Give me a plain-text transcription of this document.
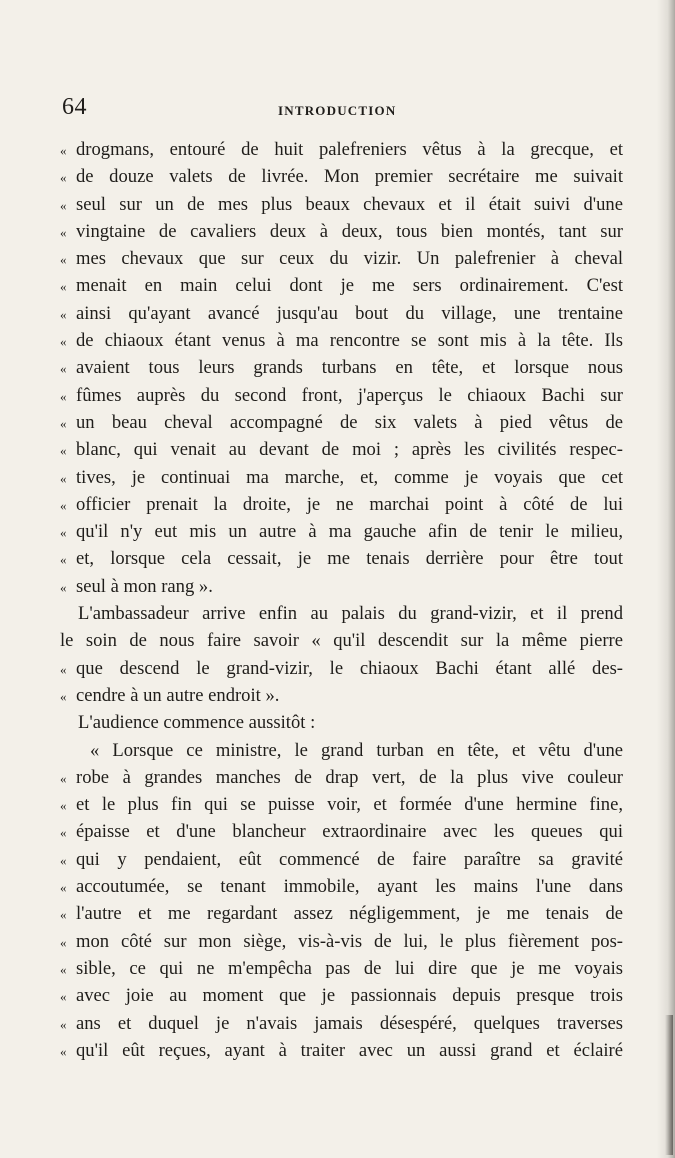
64	INTRODUCTION
« drogmans, entouré de huit palefreniers vêtus à la grecque, et
« de douze valets de livrée. Mon premier secrétaire me suivait
« seul sur un de mes plus beaux chevaux et il était suivi d'une
« vingtaine de cavaliers deux à deux, tous bien montés, tant sur
« mes chevaux que sur ceux du vizir. Un palefrenier à cheval
« menait en main celui dont je me sers ordinairement. C'est
« ainsi qu'ayant avancé jusqu'au bout du village, une trentaine
« de chiaoux étant venus à ma rencontre se sont mis à la tête. Ils
« avaient tous leurs grands turbans en tête, et lorsque nous
« fûmes auprès du second front, j'aperçus le chiaoux Bachi sur
« un beau cheval accompagné de six valets à pied vêtus de
« blanc, qui venait au devant de moi ; après les civilités respec-
« tives, je continuai ma marche, et, comme je voyais que cet
« officier prenait la droite, je ne marchai point à côté de lui
« qu'il n'y eut mis un autre à ma gauche afin de tenir le milieu,
« et, lorsque cela cessait, je me tenais derrière pour être tout
« seul à mon rang ».
L'ambassadeur arrive enfin au palais du grand-vizir, et il prend
le soin de nous faire savoir « qu'il descendit sur la même pierre
« que descend le grand-vizir, le chiaoux Bachi étant allé des-
« cendre à un autre endroit ».
L'audience commence aussitôt :
« Lorsque ce ministre, le grand turban en tête, et vêtu d'une
« robe à grandes manches de drap vert, de la plus vive couleur
« et le plus fin qui se puisse voir, et formée d'une hermine fine,
« épaisse et d'une blancheur extraordinaire avec les queues qui
« qui y pendaient, eût commencé de faire paraître sa gravité
« accoutumée, se tenant immobile, ayant les mains l'une dans
« l'autre et me regardant assez négligemment, je me tenais de
« mon côté sur mon siège, vis-à-vis de lui, le plus fièrement pos-
« sible, ce qui ne m'empêcha pas de lui dire que je me voyais
« avec joie au moment que je passionnais depuis presque trois
« ans et duquel je n'avais jamais désespéré, quelques traverses
« qu'il eût reçues, ayant à traiter avec un aussi grand et éclairé
